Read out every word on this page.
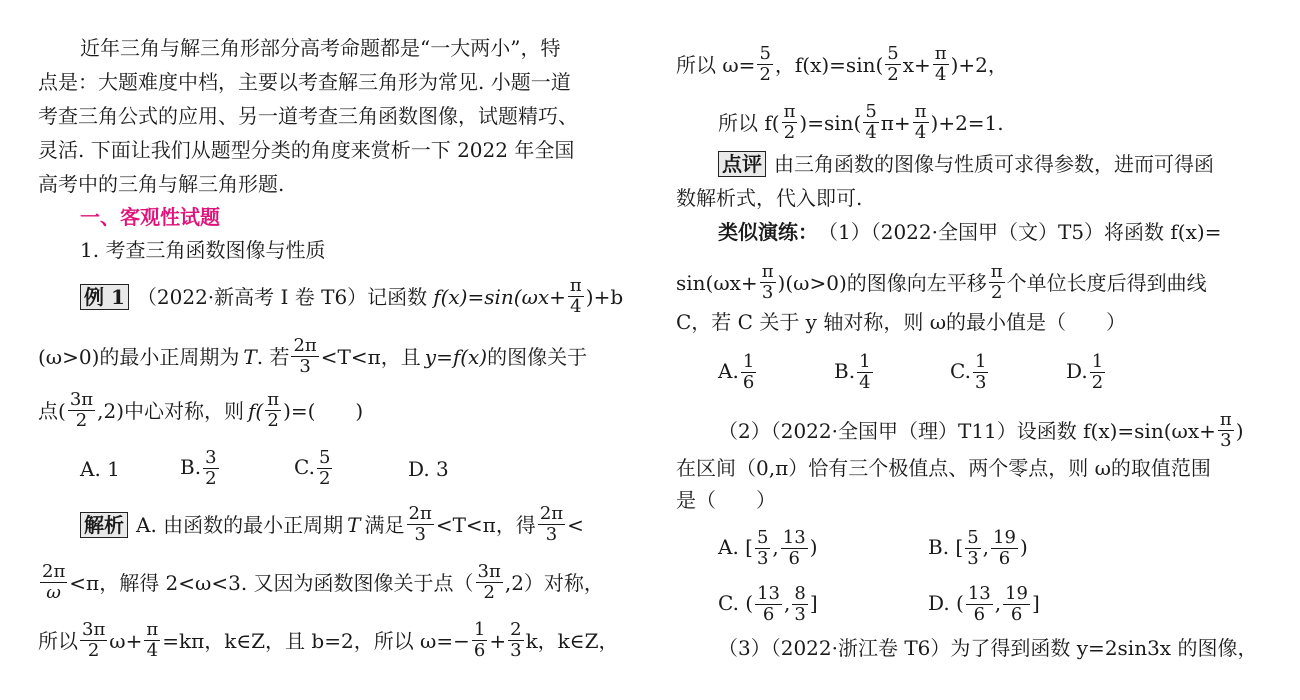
近年三角与解三角形部分高考命题都是“一大两小”，特
点是：大题难度中档，主要以考查解三角形为常见. 小题一道
考查三角公式的应用、另一道考查三角函数图像，试题精巧、
灵活. 下面让我们从题型分类的角度来赏析一下 2022 年全国
高考中的三角与解三角形题.
一、客观性试题
1. 考查三角函数图像与性质
例 1 （2022·新高考 Ⅰ 卷 T6）记函数 $f(x)=\sin(\omega x+ \frac{\pi}{4} )+b$
(ω>0)的最小正周期为 T . 若 $\frac{2\pi}{3} <T<\pi$，且 y=f(x) 的图像关于
点( $\frac{3\pi}{2} ,2$)中心对称，则 $f( \frac{\pi}{2}$ )=(　　)
A. 1	B. $\frac{3}{2}$	C. $\frac{5}{2}$	D. 3
解析 A. 由函数的最小正周期 T 满足 $\frac{2\pi}{3} <T<\pi$，得 $\frac{2\pi}{3}$ <
$\frac{2\pi}{\omega} <\pi$，解得 2<ω<3. 又因为函数图像关于点（ $\frac{3\pi}{2} ,2$）对称，
所以 $\frac{3\pi}{2} \omega+ \frac{\pi}{4} =k\pi$，k∈Z，且 b=2，所以 $\omega=- \frac{1}{6} + \frac{2}{3}$ k，k∈Z，
所以 $\omega= \frac{5}{2}$ ，$f(x)=\sin( \frac{5}{2} x+ \frac{\pi}{4} )+2$，
所以 $f( \frac{\pi}{2} )=\sin( \frac{5}{4} \pi+ \frac{\pi}{4} )+2=1$.
点评 由三角函数的图像与性质可求得参数，进而可得函
数解析式，代入即可.
类似演练： （1）（2022·全国甲（文）T5）将函数 f(x)=
$\sin(\omega x+ \frac{\pi}{3} )(\omega>0)$的图像向左平移 $\frac{\pi}{2}$ 个单位长度后得到曲线
C，若 C 关于 y 轴对称，则 ω的最小值是（　　）
A. $\frac{1}{6}$	B. $\frac{1}{4}$	C. $\frac{1}{3}$	D. $\frac{1}{2}$
（2）（2022·全国甲（理）T11）设函数 $f(x)=\sin(\omega x+ \frac{\pi}{3}$ )
在区间（0,π）恰有三个极值点、两个零点，则 ω的取值范围
是（　　）
A. [ $\frac{5}{3}$ , $\frac{13}{6}$ )	B. [ $\frac{5}{3}$ , $\frac{19}{6}$ )
C. ( $\frac{13}{6}$ , $\frac{8}{3}$ ]	D. ( $\frac{13}{6}$ , $\frac{19}{6}$ ]
（3）（2022·浙江卷 T6）为了得到函数 y=2sin3x 的图像，
